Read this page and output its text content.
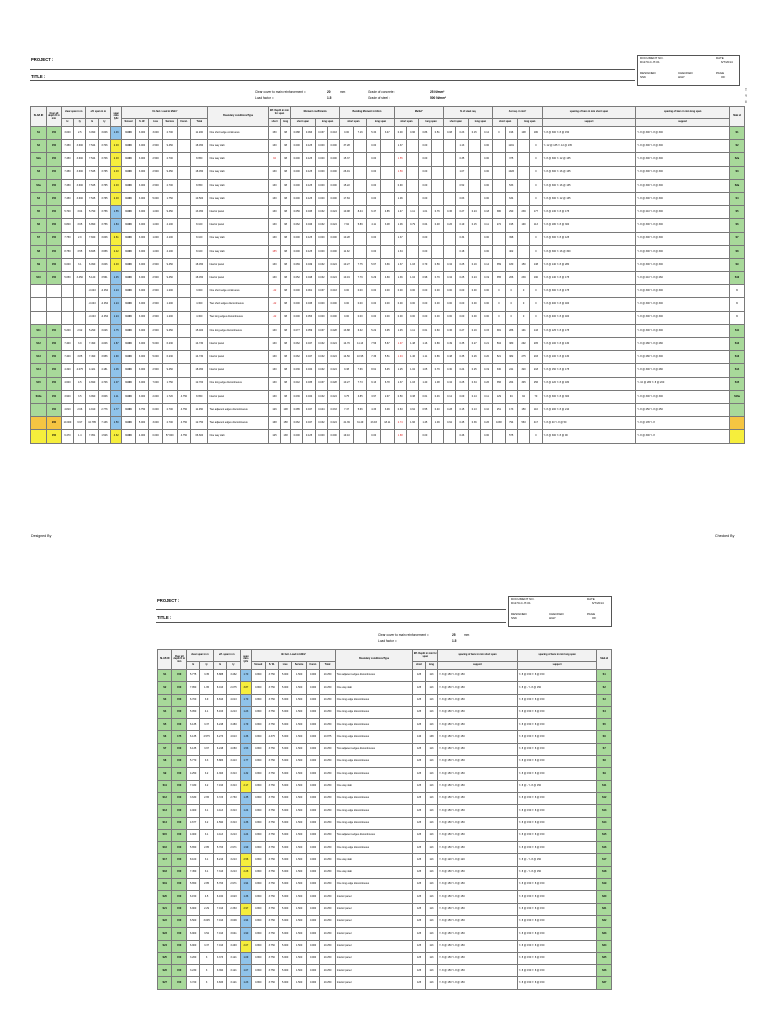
PROJECT :
TITLE :
DOCUMENT NO.
D1170-C-IT-01
DATE
6/7/2014
DESIGNED
SSK
CHECKED
HGP
PAGE
OF
Clear cover to main reinforcement =	20	mm
Load factor =	1.5
Grade of concrete :	25 N/mm²
Grade of steel :	500 N/mm²
T
Y
ll
SLAB ID	Over all depth D in mm	clear span in m		eff. span in m		span ratio ly/lx	Un fact. Load in kN/m²						Boundary conditions/Type	Eff. Depth in mm for span		Moment coefficients				Bending Moment in kN-m				Mu/bd²				% of steel req.				Ast req. in mm²				spacing of bars in mm short span	spacing of bars in mm long span	Slab id
		lx	ly	lx	ly		Screed	S. W.	Live	Service	Const.	Total		short	long	short span		long span		short span		long span		short span		long span		short span		long span		short span		long span		support	support	
S1	150	3.000	2.5	3.090	3.006	1.46	0.000	3.000	3.000	2.700		11.200	One short edge continuous	150	98	0.088	0.093	0.037	0.043	0.00	7.16	5.34	3.47	0.00	0.96	0.86	0.51	0.08	0.23	0.15	0.12	0	196	108	180	Y- 8 @ 300 Y- 8 @ 150	Y- 8 @ 300 Y- 8 @ 300	S1
S2	150	7.450	3.600	7.544	3.706	2.03	0.000	3.000	2.500	9.450		18.450	One way slab	130	98	0.000	0.125	0.000	0.000	37.28		0.00		1.37		0.00			1.13		0.00		1191		0	Y- 12 @ 135 Y- 12 @ 135	Y- 8 @ 300 Y- 8 @ 300	S2
S2a	150	7.450	3.600	7.544	3.706	2.03	0.000	3.000	2.500	2.700		8.950	One way slab	94	98	0.000	0.125	0.000	0.000	15.37		0.00		1.55		0.00			0.35		0.00		375		0	Y- 8 @ 300 Y- 12 @ 135	Y- 8 @ 300 Y- 8 @ 300	S2a
S3	150	7.450	3.600	7.545	3.765	2.03	0.000	3.000	2.500	9.450		18.450	One way slab	130	98	0.000	0.125	0.000	0.000	26.91		0.00		1.59		0.00			1.07		0.00		1026		0	Y- 8 @ 300 Y- 16 @ 135	Y- 8 @ 300 Y- 8 @ 300	S3
S3a	150	7.450	3.600	7.545	3.765	2.03	0.000	3.000	2.500	2.700		8.950	One way slab	130	98	0.000	0.125	0.000	0.000	15.22		0.00		0.90		0.00			0.52		0.00		533		0	Y- 8 @ 300 Y- 16 @ 135	Y- 8 @ 300 Y- 8 @ 300	S3a
S4	150	7.450	3.600	7.545	3.765	2.03	0.000	3.000	5.000	1.750		10.500	One way slab	130	98	0.000	0.125	0.000	0.000	17.84		0.00		1.06		0.00			0.63		0.00		634		0	Y- 8 @ 300 Y- 12 @ 135	Y- 8 @ 300 Y- 8 @ 300	S4
S5	150	5.700	3.64	5.790	3.756	1.55	0.000	3.000	1.000	9.450		13.450	Interior panel	130	98	0.056	0.045	0.032	0.024	10.98	8.44	6.47	4.85	1.47	1.11	1.01	0.76	0.36	0.27	0.24	0.18	380	290	239	177	Y- 8 @ 130 Y- 8 @ 175	Y- 8 @ 210 Y- 8 @ 300	S5
S6	150	6.800	3.65	6.890	3.756	1.84	0.000	3.000	1.000	4.100		8.100	Interior panel	130	98	0.062	0.046	0.032	0.024	7.92	5.89	4.11	3.08	1.06	0.79	0.64	0.48	0.26	0.19	0.15	0.11	272	195	190	113	Y- 8 @ 180 Y- 8 @ 300	Y- 8 @ 300 Y- 8 @ 300	S6
S7	150	7.750	2.9	7.840	3.006	2.61	0.000	3.000	1.000	4.100		8.100	One way slab	130	98	0.000	0.125	0.000	0.000	10.28		0.00		1.37		0.00			0.34		0.00		398		0	Y- 8 @ 300 Y- 8 @ 125	Y- 8 @ 300 Y- 8 @ 300	S7
S8	150	8.750	3.55	8.845	3.656	2.42	0.000	3.000	1.000	4.100		8.100	One way slab	185	98	0.000	0.125	0.000	0.000	11.32		0.00		1.34		0.00			0.18		0.00		402		0	Y- 8 @ 300 Y- 16 @ 300	Y- 8 @ 300 Y- 8 @ 300	S8
S9	150	6.000	3.1	6.090	3.006	2.03	0.000	3.000	2.500	9.450		18.450	Interior panel	130	98	0.069	0.049	0.032	0.024	10.27	7.75	5.67	3.66	1.37	1.03	0.79	0.59	0.34	0.25	0.19	0.14	359	180	150	138	Y- 8 @ 140 Y- 8 @ 280	Y- 8 @ 300 Y- 8 @ 300	S9
S10	150	5.050	3.450	5.140	3.561	1.45	0.000	3.000	2.500	9.450		18.450	Interior panel	130	98	0.052	0.048	0.032	0.024	10.19	7.79	6.29	4.69	1.36	1.04	0.98	0.79	0.34	0.25	0.24	0.19	355	266	239	190	Y- 8 @ 140 Y- 8 @ 175	Y- 8 @ 210 Y- 8 @ 260	S10
				-0.043	-0.054	1.24	0.000	3.000	2.500	1.200		3.000	One short edge continuous	-42	98	0.000	0.061	0.037	0.043	0.00	0.00	0.00	0.00	0.00	0.00	0.00	0.00	0.00	0.00	0.00	0.00	0	0	0	0	Y- 8 @ 300 Y- 8 @ 175	Y- 8 @ 300 Y- 8 @ 300	0
				-0.043	-0.054	1.24	0.000	3.000	2.500	1.200		4.300	Two short edges discontinuous	-42	98	0.000	0.045	0.000	0.000	0.00	0.00	0.00	0.00	0.00	0.00	0.00	0.00	0.00	0.00	0.00	0.00	0	0	0	0	Y- 8 @ 400 Y- 8 @ 400	Y- 8 @ 300 Y- 8 @ 300	0
				-0.043	-0.054	1.24	0.000	3.000	2.500	1.200		4.300	Two long edges discontinuous	-42	98	0.000	0.053	0.000	0.000	0.00	0.00	0.00	0.00	0.00	0.00	0.00	0.00	0.00	0.00	0.00	0.00	0	0	0	0	Y- 8 @ 400 Y- 8 @ 400	Y- 8 @ 300 Y- 8 @ 300	0
S11	150	5.200	2.92	5.290	3.026	1.75	0.000	3.000	2.500	9.450		15.400	One long edge discontinuous	130	98	0.077	0.059	0.037	0.028	13.88	6.32	5.22	3.95	1.45	1.11	0.61	0.60	0.36	0.27	0.19	0.15	381	286	191	143	Y- 8 @ 125 Y- 8 @ 175	Y- 8 @ 300 Y- 8 @ 300	S11
S12	150	7.400	3.9	7.490	4.006	1.87	0.000	3.000	5.000	6.230		14.730	Interior panel	130	98	0.062	0.047	0.032	0.024	14.76	11.13	7.56	5.67	1.97	1.48	1.16	0.89	0.49	0.35	0.27	0.21	504	380	292	205	Y- 8 @ 100 Y- 8 @ 130	Y- 8 @ 280 Y- 8 @ 280	S12
S13	150	7.400	3.85	7.490	3.956	1.90	0.000	3.000	5.000	6.230		14.730	Interior panel	130	98	0.062	0.047	0.032	0.024	14.50	10.95	7.36	5.51	1.94	1.46	1.11	0.86	0.48	0.35	0.26	0.20	521	382	275	203	Y- 8 @ 100 Y- 8 @ 130	Y- 8 @ 280 Y- 8 @ 300	S13
S14	150	4.320	4.075	4.421	4.181	1.06	0.000	3.000	2.500	9.450		18.450	Interior panel	130	98	0.036	0.034	0.032	0.024	9.38	7.66	8.61	6.45	1.25	1.02	1.05	0.79	0.30	0.24	0.25	0.19	330	241	320	218	Y- 8 @ 150 Y- 8 @ 175	Y- 8 @ 300 Y- 8 @ 280	S14
S15	150	4.600	4.5	4.690	4.706	1.07	0.000	3.000	7.000	1.750		12.700	One long edge discontinuous	130	98	0.042	0.035	0.037	0.028	10.27	7.73	9.13	6.78	1.37	1.03	1.40	1.08	0.34	0.25	0.34	0.26	356	264	345	256	Y- 8 @ 120 Y- 8 @ 180	Y- 10 @ 280 Y- 8 @ 200	S15
S16a	150	3.900	3.5	3.990	3.606	1.11	0.000	3.000	2.000	1.720	4.750	8.950	Interior panel	130	98	0.036	0.034	0.032	0.024	3.75	3.85	3.97	2.97	0.50	0.38	0.61	0.46	0.12	0.09	0.14	0.11	129	94	94	70	Y- 8 @ 300 Y- 8 @ 300	Y- 8 @ 300 Y- 8 @ 300	S16a
	150	4.810	2.66	4.910	2.776	1.77	0.000	3.750	0.000	2.700	4.750	11.450	Two adjacent edges discontinuous	126	108	0.085	0.047	0.044	0.033	7.47	5.66	4.33	3.09	0.63	0.62	0.55	0.40	0.28	0.15	0.13	0.10	251	173	150	116	Y- 8 @ 200 Y- 8 @ 210	Y- 8 @ 250 Y- 8 @ 250	
	200	10.000	6.97	10.785	7.136	1.50	0.000	5.000	3.000	2.700	4.750	12.750	Two adjacent edges discontinuous	168	158	0.062	0.047	0.032	0.024	41.39	31.49	23.93	18.11	2.74	1.66	1.45	1.09	0.62	0.45	0.36	0.26	1038	794	563	417	Y- 8 @ 40 Y- 8 @ 50	Y- 8 @ 135 Y- 8	
	150	6.470	1.4	7.051	1.526	4.62	0.000	4.000	0.000	57.600	4.750	66.600	One way slab	125	138	0.000	0.125	0.000	0.000	19.10		0.00		1.88		0.00			0.46		0.00		575		0	Y- 8 @ 300 Y- 8 @ 90	Y- 8 @ 300 Y- 8	
Designed By	Checked By
PROJECT :
TITLE :
DOCUMENT NO.
D1170-C-IT-01
DATE
6/7/2014
DESIGNED
SSK
CHECKED
HGP
PAGE
OF
Clear cover to main reinforcement =	25	mm
Load factor =	1.5
SLAB ID	Over all depth D in mm	clear span in m		eff. span in m		span ratio ly/lx	Un fact. Load in kN/m²						Boundary conditions/Type	Eff. Depth in mm for span		spacing of bars in mm short span	spacing of bars in mm long span	Slab id
		lx	ly	lx	ly		Screed	S. W.	Live	Service	Const.	Total		short	long	support	support	
S1	150	5.775	3.35	5.888	3.462	1.70	0.800	3.750	5.000	1.500	0.000	10.250	Two adjacent edges discontinuous	125	113	Y- 8 @ 150 Y- 8 @ 150	Y- 8 @ 150 Y- 8 @ 150	S1
S2	150	7.950	1.95	8.013	2.075	3.87	0.800	3.750	5.000	1.500	0.000	10.250	One way slab	125	113	Y- 8 @ 150 Y- 8 @ 150	Y- 8 @ - Y- 8 @ 150	S2
S3	150	6.700	3.9	6.813	4.013	1.70	0.800	3.750	5.000	1.500	0.000	10.250	One long edge discontinuous	125	113	Y- 8 @ 150 Y- 8 @ 150	Y- 8 @ 150 Y- 8 @ 150	S3
S4	150	5.050	4.1	5.163	4.213	1.23	0.800	3.750	5.000	1.500	0.000	10.250	One long edge discontinuous	125	113	Y- 8 @ 150 Y- 8 @ 150	Y- 8 @ 150 Y- 8 @ 150	S4
S5	150	6.135	3.37	6.248	3.483	1.79	0.800	3.750	5.000	1.500	0.000	10.250	One long edge discontinuous	125	113	Y- 8 @ 150 Y- 8 @ 150	Y- 8 @ 150 Y- 8 @ 150	S5
S6	175	6.135	4.575	6.273	4.613	1.36	0.800	4.375	5.000	1.500	0.000	10.875	One long edge discontinuous	146	138	Y- 8 @ 150 Y- 8 @ 150	Y- 8 @ 150 Y- 8 @ 150	S6
S7	150	6.135	3.97	6.248	4.083	1.53	0.800	3.750	5.000	1.500	0.000	10.250	Two adjacent edges discontinuous	125	113	Y- 8 @ 150 Y- 8 @ 150	Y- 8 @ 150 Y- 8 @ 150	S7
S8	150	5.770	3.3	5.883	3.413	1.77	0.800	3.750	5.000	1.500	0.000	10.250	One long edge discontinuous	125	113	Y- 8 @ 150 Y- 8 @ 150	Y- 8 @ 150 Y- 8 @ 150	S8
S9	150	4.250	3.2	4.363	3.313	1.32	0.800	3.750	5.000	1.500	0.000	10.250	One long edge discontinuous	125	113	Y- 8 @ 150 Y- 8 @ 150	Y- 8 @ 150 Y- 8 @ 150	S9
S11	150	7.030	3.2	7.193	3.313	2.17	0.800	3.750	5.000	1.500	0.000	10.250	One way slab	125	113	Y- 8 @ 150 Y- 8 @ 150	Y- 8 @ - Y- 8 @ 150	S11
S12	150	3.630	2.65	3.723	2.763	1.35	0.800	3.750	5.000	1.500	0.000	10.250	One long edge discontinuous	125	113	Y- 8 @ 150 Y- 8 @ 150	Y- 8 @ 150 Y- 8 @ 150	S12
S13	150	4.000	3.1	4.113	3.313	1.24	0.800	3.750	5.000	1.500	0.000	10.250	One long edge discontinuous	125	113	Y- 8 @ 150 Y- 8 @ 150	Y- 8 @ 150 Y- 8 @ 150	S13
S14	150	4.677	3.2	4.590	3.313	1.36	0.800	3.750	5.000	1.500	0.000	10.250	One long edge discontinuous	125	113	Y- 8 @ 150 Y- 8 @ 150	Y- 8 @ 150 Y- 8 @ 150	S14
S15	150	4.000	3.1	4.113	3.213	1.24	0.800	3.750	5.000	1.500	0.000	10.250	Two adjacent edges discontinuous	125	113	Y- 8 @ 150 Y- 8 @ 150	Y- 8 @ 150 Y- 8 @ 150	S15
S16	150	5.650	2.85	5.763	2.971	1.99	0.800	3.750	5.000	1.500	0.000	10.250	One long edge discontinuous	125	113	Y- 8 @ 150 Y- 8 @ 150	Y- 8 @ 150 Y- 8 @ 150	S16
S17	150	8.100	3.1	8.213	3.213	2.56	0.800	3.750	5.000	1.500	0.000	10.250	One way slab	125	113	Y- 8 @ 120 Y- 8 @ 120	Y- 8 @ - Y- 8 @ 150	S17
S18	150	7.450	3.1	7.313	3.213	2.28	0.800	3.750	5.000	1.500	0.000	10.250	One way slab	125	113	Y- 8 @ 150 Y- 8 @ 150	Y- 8 @ - Y- 8 @ 150	S18
S19	150	5.650	2.85	5.763	2.971	1.94	0.800	3.750	5.000	1.500	0.000	10.250	One long edge discontinuous	125	113	Y- 8 @ 150 Y- 8 @ 150	Y- 8 @ 150 Y- 8 @ 150	S19
S20	150	6.150	4.5	6.160	4.623	1.36	0.800	3.750	5.000	1.500	0.000	10.250	Interior panel	125	113	Y- 8 @ 150 Y- 8 @ 150	Y- 8 @ 150 Y- 8 @ 150	S20
S21	150	6.900	2.29	7.013	2.363	2.97	0.800	3.750	5.000	1.500	0.000	10.250	Interior panel	125	113	Y- 8 @ 150 Y- 8 @ 150	Y- 8 @ 150 Y- 8 @ 150	S21
S22	150	6.500	3.005	7.013	3.609	1.94	0.800	3.750	5.000	1.500	0.000	10.250	Interior panel	125	113	Y- 8 @ 150 Y- 8 @ 150	Y- 8 @ 150 Y- 8 @ 150	S22
S23	150	6.900	3.52	7.013	3.641	1.90	0.800	3.750	5.000	1.500	0.000	10.250	Interior panel	125	113	Y- 8 @ 150 Y- 8 @ 150	Y- 8 @ 150 Y- 8 @ 150	S23
S24	150	6.900	3.37	7.013	3.493	2.07	0.800	3.750	5.000	1.500	0.000	10.250	Interior panel	125	113	Y- 8 @ 150 Y- 8 @ 150	Y- 8 @ 150 Y- 8 @ 150	S24
S25	150	3.260	3	3.373	3.121	1.09	0.800	3.750	5.000	1.500	0.000	10.250	Interior panel	125	113	Y- 8 @ 150 Y- 8 @ 150	Y- 8 @ 150 Y- 8 @ 150	S25
S26	150	3.230	3	3.390	3.121	1.07	0.800	3.750	5.000	1.500	0.000	10.250	Interior panel	125	113	Y- 8 @ 150 Y- 8 @ 150	Y- 8 @ 150 Y- 8 @ 150	S26
S27	150	3.720	3	3.833	3.121	1.23	0.800	3.750	5.000	1.500	0.000	10.250	Interior panel	125	113	Y- 8 @ 150 Y- 8 @ 150	Y- 8 @ 150 Y- 8 @ 150	S27
